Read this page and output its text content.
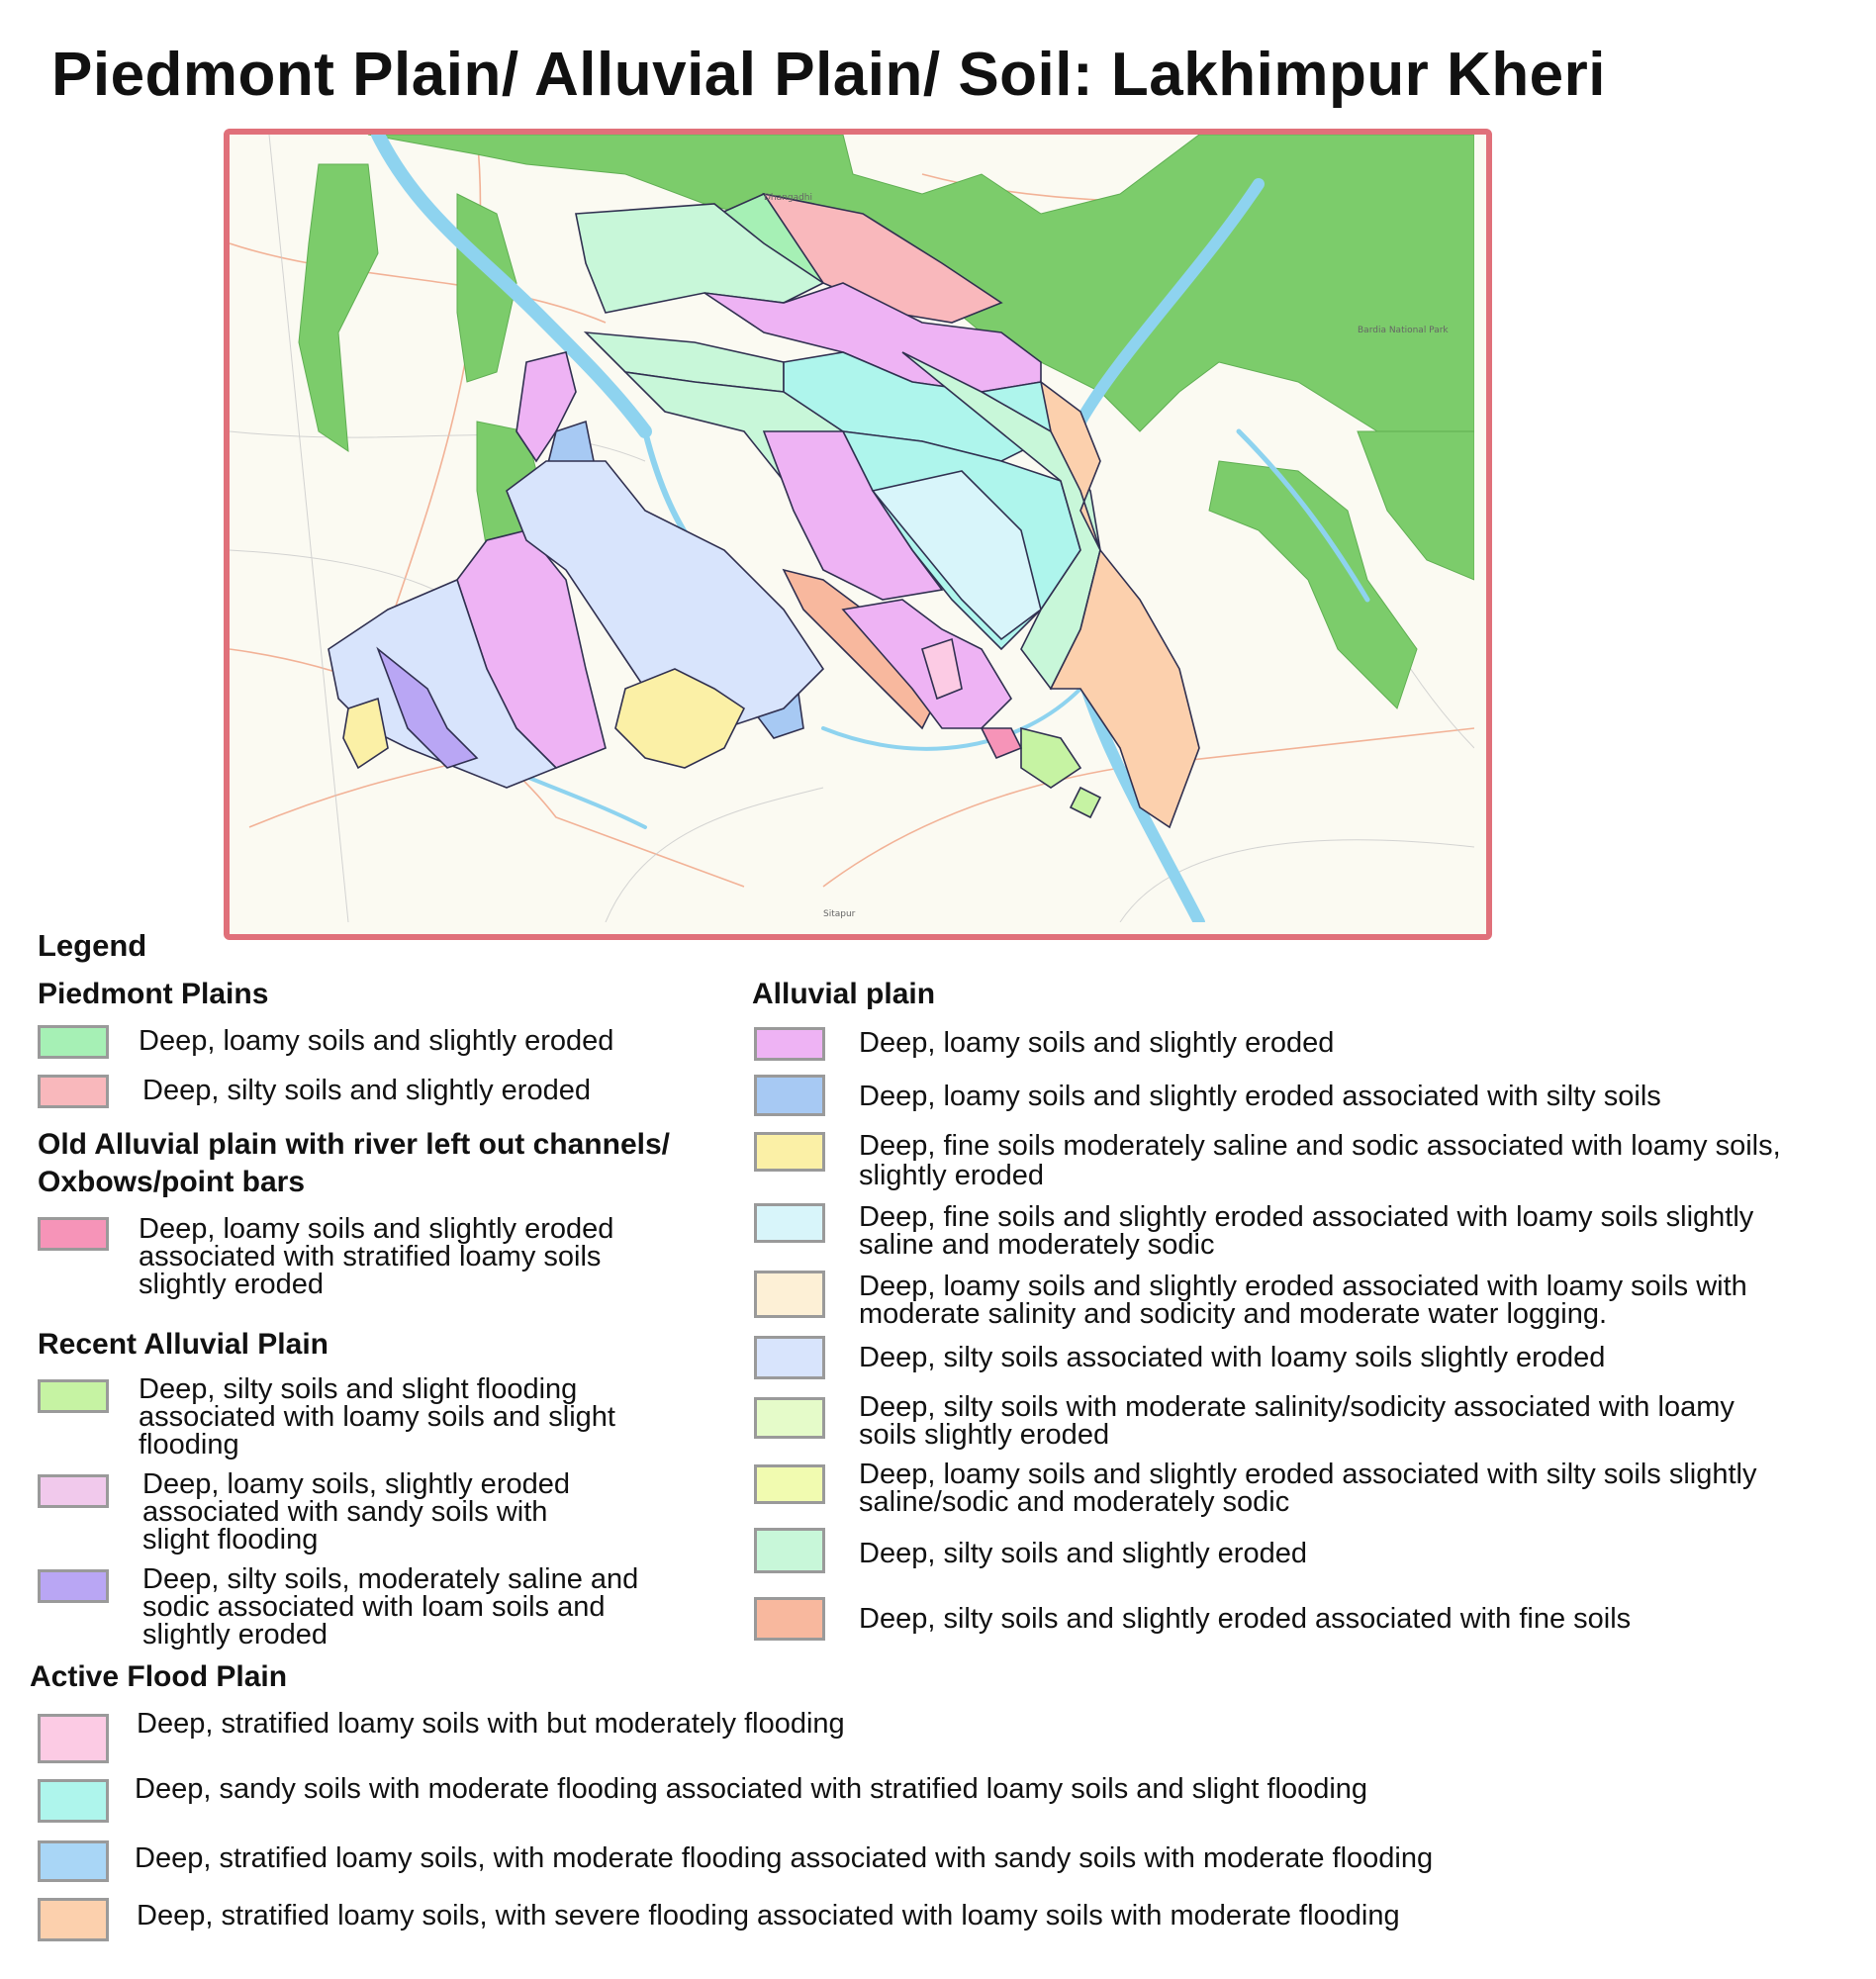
Piedmont Plain/ Alluvial Plain/ Soil: Lakhimpur Kheri
Dhangadhi
Bardia National Park
Sitapur
Legend
Piedmont Plains
Deep, loamy soils and slightly eroded
Deep, silty soils and slightly eroded
Old Alluvial plain with river left out channels/
Oxbows/point bars
Deep, loamy soils and slightly eroded
associated with stratified loamy soils
slightly eroded
Recent Alluvial Plain
Deep, silty soils and slight flooding
associated with loamy soils and slight
flooding
Deep, loamy soils, slightly eroded
associated with sandy soils with
slight flooding
Deep, silty soils, moderately saline and
sodic associated with loam soils and
slightly eroded
Active Flood Plain
Deep, stratified loamy soils with but moderately flooding
Deep, sandy soils with moderate flooding associated with stratified loamy soils and slight flooding
Deep, stratified loamy soils, with moderate flooding associated with sandy soils with moderate flooding
Deep, stratified loamy soils, with severe flooding associated with loamy soils with moderate flooding
Alluvial plain
Deep, loamy soils and slightly eroded
Deep, loamy soils and slightly eroded associated with silty soils
Deep, fine soils moderately saline and sodic associated with loamy soils,
slightly eroded
Deep, fine soils and slightly eroded associated with loamy soils slightly
saline and moderately sodic
Deep, loamy soils and slightly eroded associated with loamy soils with
moderate salinity and sodicity and moderate water logging.
Deep, silty soils associated with loamy soils slightly eroded
Deep, silty soils with moderate salinity/sodicity associated with loamy
soils slightly eroded
Deep, loamy soils and slightly eroded associated with silty soils slightly
saline/sodic and moderately sodic
Deep, silty soils and slightly eroded
Deep, silty soils and slightly eroded associated with fine soils
